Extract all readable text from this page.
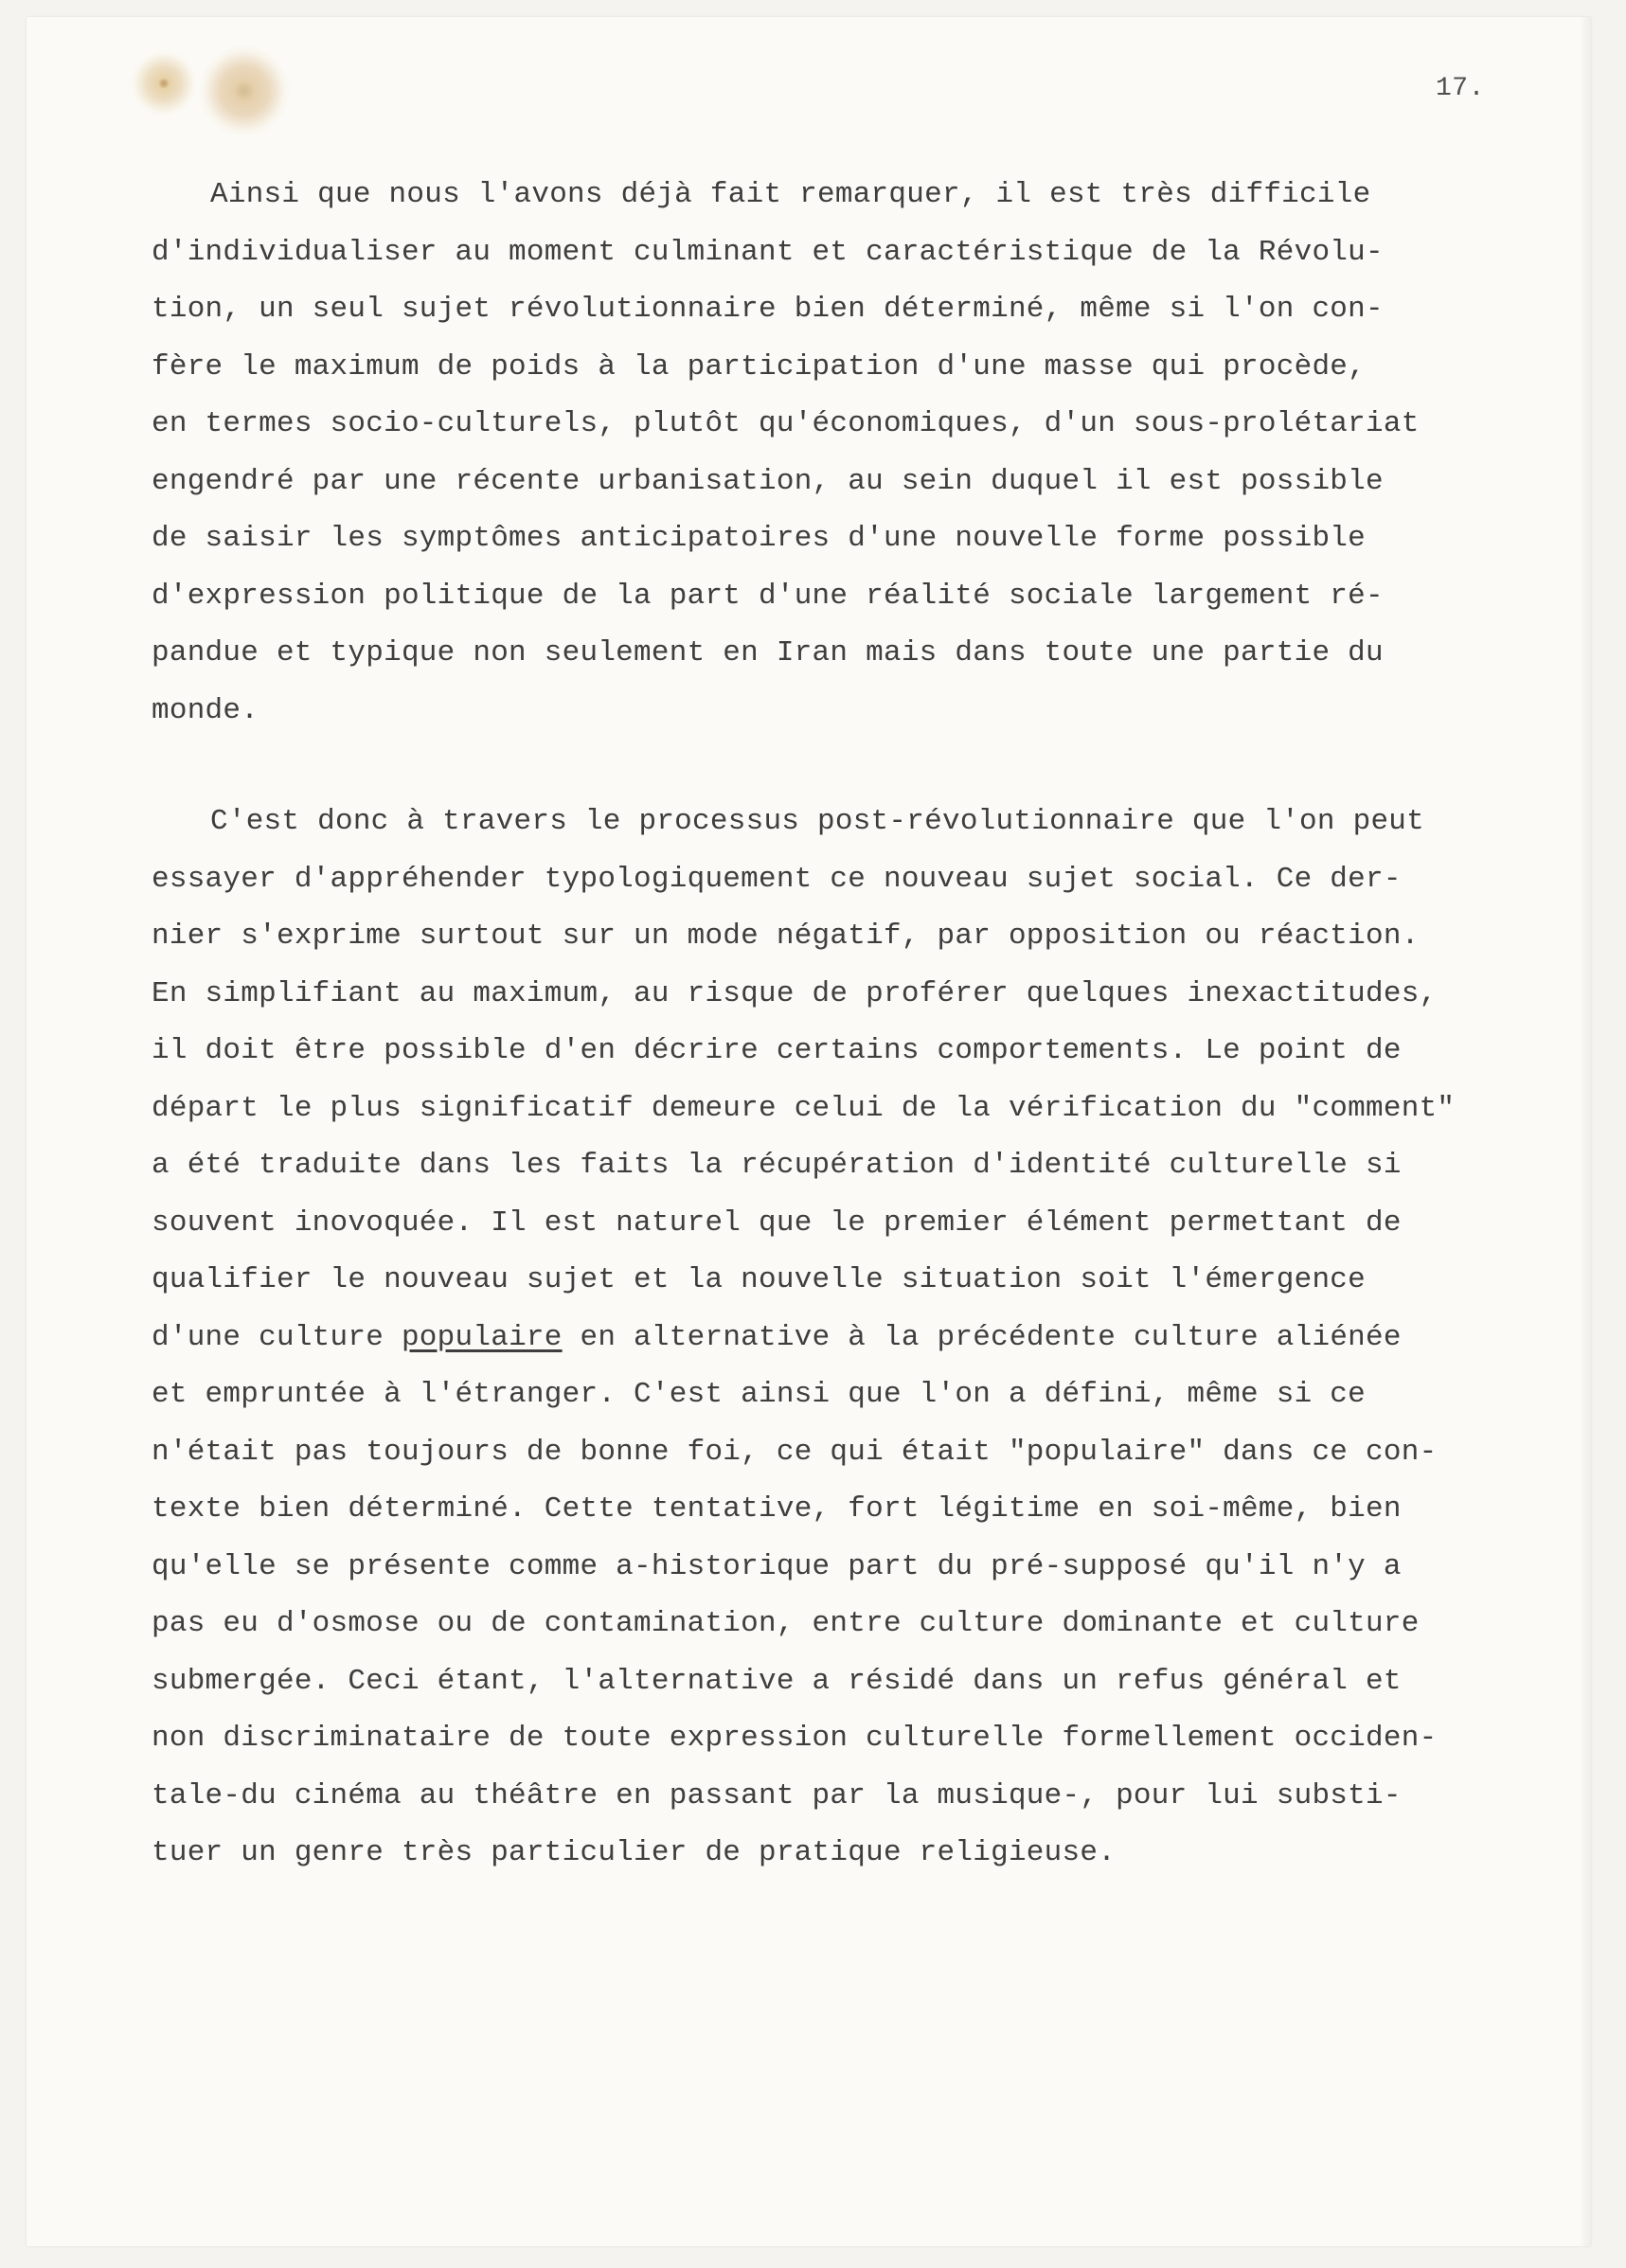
17.
Ainsi que nous l'avons déjà fait remarquer, il est très difficile
d'individualiser au moment culminant et caractéristique de la Révolu-
tion, un seul sujet révolutionnaire bien déterminé, même si l'on con-
fère le maximum de poids à la participation d'une masse qui procède,
en termes socio-culturels, plutôt qu'économiques, d'un sous-prolétariat
engendré par une récente urbanisation, au sein duquel il est possible
de saisir les symptômes anticipatoires d'une nouvelle forme possible
d'expression politique de la part d'une réalité sociale largement ré-
pandue et typique non seulement en Iran mais dans toute une partie du
monde.
C'est donc à travers le processus post-révolutionnaire que l'on peut
essayer d'appréhender typologiquement ce nouveau sujet social. Ce der-
nier s'exprime surtout sur un mode négatif, par opposition ou réaction.
En simplifiant au maximum, au risque de proférer quelques inexactitudes,
il doit être possible d'en décrire certains comportements. Le point de
départ le plus significatif demeure celui de la vérification du "comment"
a été traduite dans les faits la récupération d'identité culturelle si
souvent inovoquée. Il est naturel que le premier élément permettant de
qualifier le nouveau sujet et la nouvelle situation soit l'émergence
d'une culture populaire en alternative à la précédente culture aliénée
et empruntée à l'étranger. C'est ainsi que l'on a défini, même si ce
n'était pas toujours de bonne foi, ce qui était "populaire" dans ce con-
texte bien déterminé. Cette tentative, fort légitime en soi-même, bien
qu'elle se présente comme a-historique part du pré-supposé qu'il n'y a
pas eu d'osmose ou de contamination, entre culture dominante et culture
submergée. Ceci étant, l'alternative a résidé dans un refus général et
non discriminataire de toute expression culturelle formellement occiden-
tale-du cinéma au théâtre en passant par la musique-, pour lui substi-
tuer un genre très particulier de pratique religieuse.
